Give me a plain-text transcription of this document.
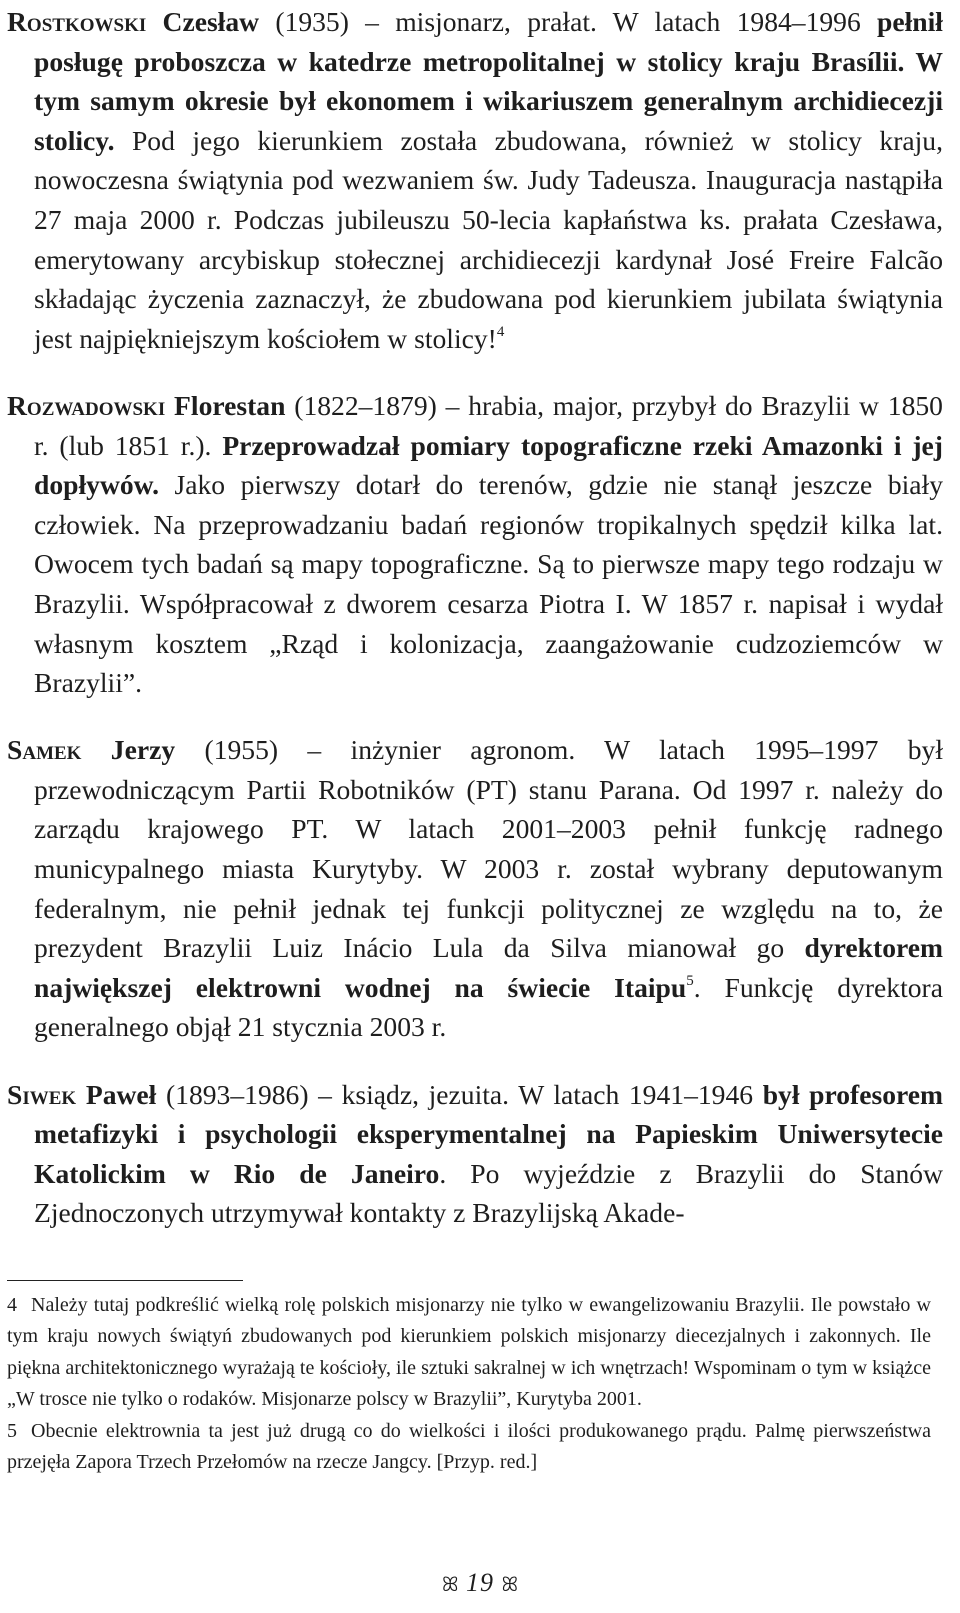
Rostkowski Czesław (1935) – misjonarz, prałat. W latach 1984–1996 pełnił posługę proboszcza w katedrze metropolitalnej w stolicy kraju Brasílii. W tym samym okresie był ekonomem i wikariuszem generalnym archidiecezji stolicy. Pod jego kierunkiem została zbudowana, również w stolicy kraju, nowoczesna świątynia pod wezwaniem św. Judy Tadeusza. Inauguracja nastąpiła 27 maja 2000 r. Podczas jubileuszu 50-lecia kapłaństwa ks. prałata Czesława, emerytowany arcybiskup stołecznej archidiecezji kardynał José Freire Falcão składając życzenia zaznaczył, że zbudowana pod kierunkiem jubilata świątynia jest najpiękniejszym kościołem w stolicy!$^4$

Rozwadowski Florestan (1822–1879) – hrabia, major, przybył do Brazylii w 1850 r. (lub 1851 r.). Przeprowadzał pomiary topograficzne rzeki Amazonki i jej dopływów. Jako pierwszy dotarł do terenów, gdzie nie stanął jeszcze biały człowiek. Na przeprowadzaniu badań regionów tropikalnych spędził kilka lat. Owocem tych badań są mapy topograficzne. Są to pierwsze mapy tego rodzaju w Brazylii. Współpracował z dworem cesarza Piotra I. W 1857 r. napisał i wydał własnym kosztem „Rząd i kolonizacja, zaangażowanie cudzoziemców w Brazylii”.

Samek Jerzy (1955) – inżynier agronom. W latach 1995–1997 był przewodniczącym Partii Robotników (PT) stanu Parana. Od 1997 r. należy do zarządu krajowego PT. W latach 2001–2003 pełnił funkcję radnego municypalnego miasta Kurytyby. W 2003 r. został wybrany deputowanym federalnym, nie pełnił jednak tej funkcji politycznej ze względu na to, że prezydent Brazylii Luiz Inácio Lula da Silva mianował go dyrektorem największej elektrowni wodnej na świecie Itaipu$^5$. Funkcję dyrektora generalnego objął 21 stycznia 2003 r.

Siwek Paweł (1893–1986) – ksiądz, jezuita. W latach 1941–1946 był profesorem metafizyki i psychologii eksperymentalnej na Papieskim Uniwersytecie Katolickim w Rio de Janeiro. Po wyjeździe z Brazylii do Stanów Zjednoczonych utrzymywał kontakty z Brazylijską Akade-

4 Należy tutaj podkreślić wielką rolę polskich misjonarzy nie tylko w ewangelizowaniu Brazylii. Ile powstało w tym kraju nowych świątyń zbudowanych pod kierunkiem polskich misjonarzy diecezjalnych i zakonnych. Ile piękna architektonicznego wyrażają te kościoły, ile sztuki sakralnej w ich wnętrzach! Wspominam o tym w książce „W trosce nie tylko o rodaków. Misjonarze polscy w Brazylii”, Kurytyba 2001.
5 Obecnie elektrownia ta jest już drugą co do wielkości i ilości produkowanego prądu. Palmę pierwszeństwa przejęła Zapora Trzech Przełomów na rzecze Jangcy. [Przyp. red.]
ꕤ 19 ꕤ
